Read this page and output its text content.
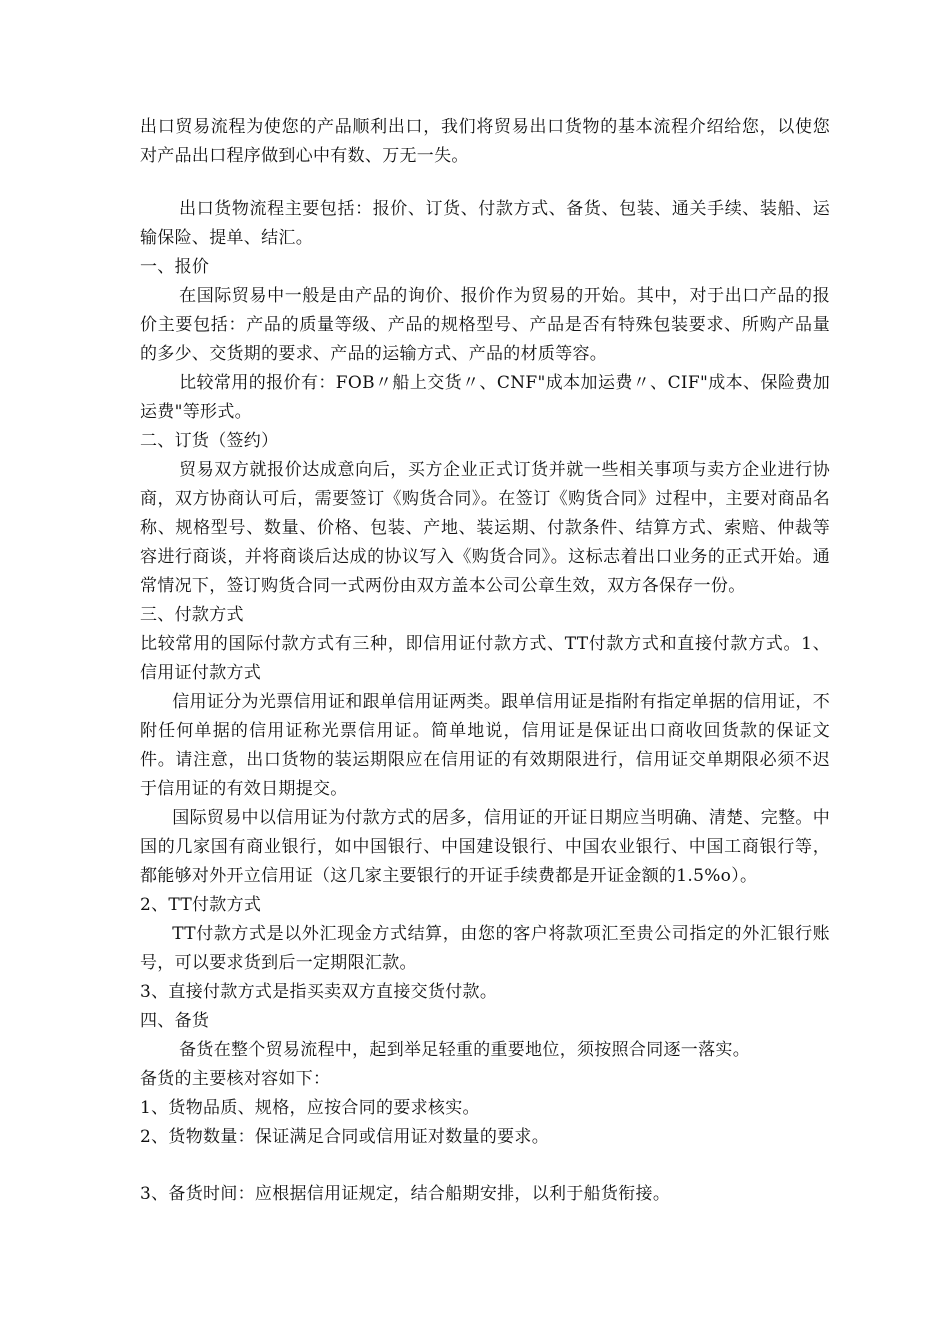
出口贸易流程为使您的产品顺利出口，我们将贸易出口货物的基本流程介绍给您，以使您对产品出口程序做到心中有数、万无一失。

出口货物流程主要包括：报价、订货、付款方式、备货、包装、通关手续、装船、运输保险、提单、结汇。

一、报价

在国际贸易中一般是由产品的询价、报价作为贸易的开始。其中，对于出口产品的报价主要包括：产品的质量等级、产品的规格型号、产品是否有特殊包装要求、所购产品量的多少、交货期的要求、产品的运输方式、产品的材质等容。

比较常用的报价有：FOB〃船上交货〃、CNF"成本加运费〃、CIF"成本、保险费加运费"等形式。

二、订货（签约）

贸易双方就报价达成意向后，买方企业正式订货并就一些相关事项与卖方企业进行协商，双方协商认可后，需要签订《购货合同》。在签订《购货合同》过程中，主要对商品名称、规格型号、数量、价格、包装、产地、装运期、付款条件、结算方式、索赔、仲裁等容进行商谈，并将商谈后达成的协议写入《购货合同》。这标志着出口业务的正式开始。通常情况下，签订购货合同一式两份由双方盖本公司公章生效，双方各保存一份。

三、付款方式

比较常用的国际付款方式有三种，即信用证付款方式、TT付款方式和直接付款方式。1、信用证付款方式

信用证分为光票信用证和跟单信用证两类。跟单信用证是指附有指定单据的信用证，不附任何单据的信用证称光票信用证。简单地说，信用证是保证出口商收回货款的保证文件。请注意，出口货物的装运期限应在信用证的有效期限进行，信用证交单期限必须不迟于信用证的有效日期提交。

国际贸易中以信用证为付款方式的居多，信用证的开证日期应当明确、清楚、完整。中国的几家国有商业银行，如中国银行、中国建设银行、中国农业银行、中国工商银行等，都能够对外开立信用证（这几家主要银行的开证手续费都是开证金额的1.5%o）。

2、TT付款方式

TT付款方式是以外汇现金方式结算，由您的客户将款项汇至贵公司指定的外汇银行账号，可以要求货到后一定期限汇款。

3、直接付款方式是指买卖双方直接交货付款。

四、备货

备货在整个贸易流程中，起到举足轻重的重要地位，须按照合同逐一落实。

备货的主要核对容如下：

1、货物品质、规格，应按合同的要求核实。

2、货物数量：保证满足合同或信用证对数量的要求。

3、备货时间：应根据信用证规定，结合船期安排，以利于船货衔接。
